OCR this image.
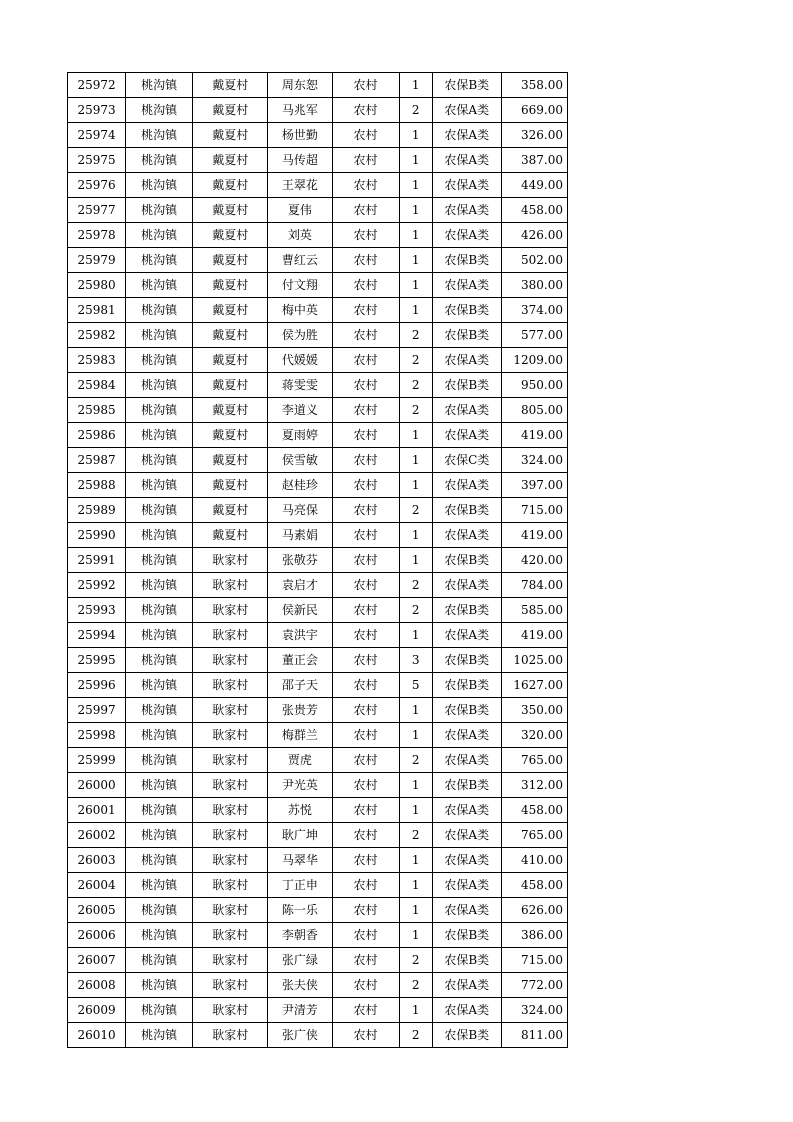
25972	桃沟镇	戴夏村	周东恕	农村	1	农保B类	358.00
25973	桃沟镇	戴夏村	马兆军	农村	2	农保A类	669.00
25974	桃沟镇	戴夏村	杨世勤	农村	1	农保A类	326.00
25975	桃沟镇	戴夏村	马传超	农村	1	农保A类	387.00
25976	桃沟镇	戴夏村	王翠花	农村	1	农保A类	449.00
25977	桃沟镇	戴夏村	夏伟	农村	1	农保A类	458.00
25978	桃沟镇	戴夏村	刘英	农村	1	农保A类	426.00
25979	桃沟镇	戴夏村	曹红云	农村	1	农保B类	502.00
25980	桃沟镇	戴夏村	付文翔	农村	1	农保A类	380.00
25981	桃沟镇	戴夏村	梅中英	农村	1	农保B类	374.00
25982	桃沟镇	戴夏村	侯为胜	农村	2	农保B类	577.00
25983	桃沟镇	戴夏村	代媛媛	农村	2	农保A类	1209.00
25984	桃沟镇	戴夏村	蒋雯雯	农村	2	农保B类	950.00
25985	桃沟镇	戴夏村	李道义	农村	2	农保A类	805.00
25986	桃沟镇	戴夏村	夏雨婷	农村	1	农保A类	419.00
25987	桃沟镇	戴夏村	侯雪敏	农村	1	农保C类	324.00
25988	桃沟镇	戴夏村	赵桂珍	农村	1	农保A类	397.00
25989	桃沟镇	戴夏村	马亮保	农村	2	农保B类	715.00
25990	桃沟镇	戴夏村	马素娟	农村	1	农保A类	419.00
25991	桃沟镇	耿家村	张敬芬	农村	1	农保B类	420.00
25992	桃沟镇	耿家村	袁启才	农村	2	农保A类	784.00
25993	桃沟镇	耿家村	侯新民	农村	2	农保B类	585.00
25994	桃沟镇	耿家村	袁洪宇	农村	1	农保A类	419.00
25995	桃沟镇	耿家村	董正会	农村	3	农保B类	1025.00
25996	桃沟镇	耿家村	邵子天	农村	5	农保B类	1627.00
25997	桃沟镇	耿家村	张贵芳	农村	1	农保B类	350.00
25998	桃沟镇	耿家村	梅群兰	农村	1	农保A类	320.00
25999	桃沟镇	耿家村	贾虎	农村	2	农保A类	765.00
26000	桃沟镇	耿家村	尹光英	农村	1	农保B类	312.00
26001	桃沟镇	耿家村	苏悦	农村	1	农保A类	458.00
26002	桃沟镇	耿家村	耿广坤	农村	2	农保A类	765.00
26003	桃沟镇	耿家村	马翠华	农村	1	农保A类	410.00
26004	桃沟镇	耿家村	丁正申	农村	1	农保A类	458.00
26005	桃沟镇	耿家村	陈一乐	农村	1	农保A类	626.00
26006	桃沟镇	耿家村	李朝香	农村	1	农保B类	386.00
26007	桃沟镇	耿家村	张广绿	农村	2	农保B类	715.00
26008	桃沟镇	耿家村	张夫侠	农村	2	农保A类	772.00
26009	桃沟镇	耿家村	尹清芳	农村	1	农保A类	324.00
26010	桃沟镇	耿家村	张广侠	农村	2	农保B类	811.00
